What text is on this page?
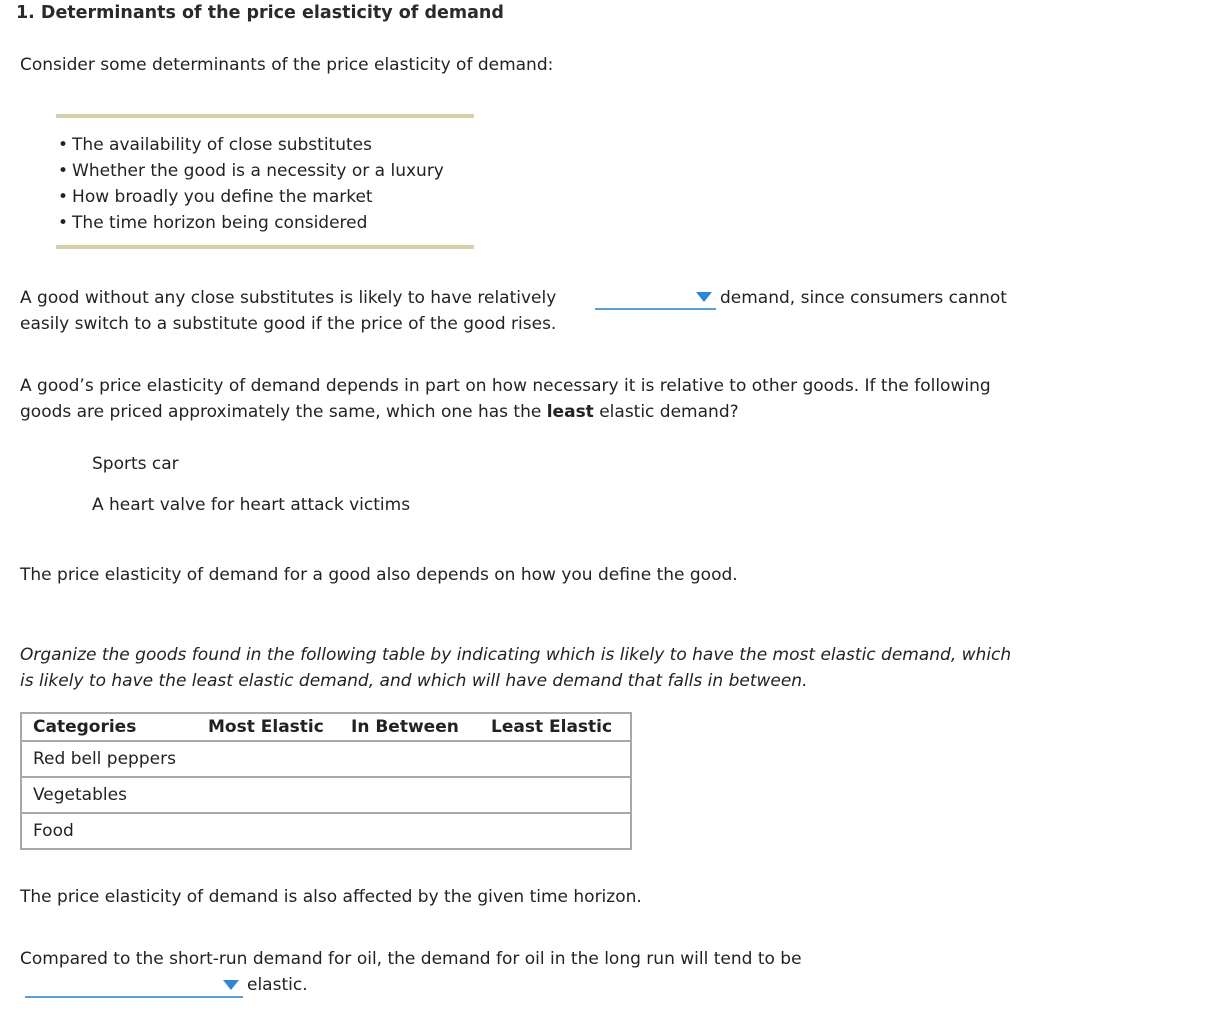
1. Determinants of the price elasticity of demand
Consider some determinants of the price elasticity of demand:
• The availability of close substitutes
• Whether the good is a necessity or a luxury
• How broadly you define the market
• The time horizon being considered
A good without any close substitutes is likely to have relatively	demand, since consumers cannot
easily switch to a substitute good if the price of the good rises.
A good’s price elasticity of demand depends in part on how necessary it is relative to other goods. If the following
goods are priced approximately the same, which one has the least elastic demand?
Sports car
A heart valve for heart attack victims
The price elasticity of demand for a good also depends on how you define the good.
Organize the goods found in the following table by indicating which is likely to have the most elastic demand, which
is likely to have the least elastic demand, and which will have demand that falls in between.
Categories	Most Elastic	In Between	Least Elastic
Red bell peppers
Vegetables
Food
The price elasticity of demand is also affected by the given time horizon.
Compared to the short-run demand for oil, the demand for oil in the long run will tend to be
elastic.
